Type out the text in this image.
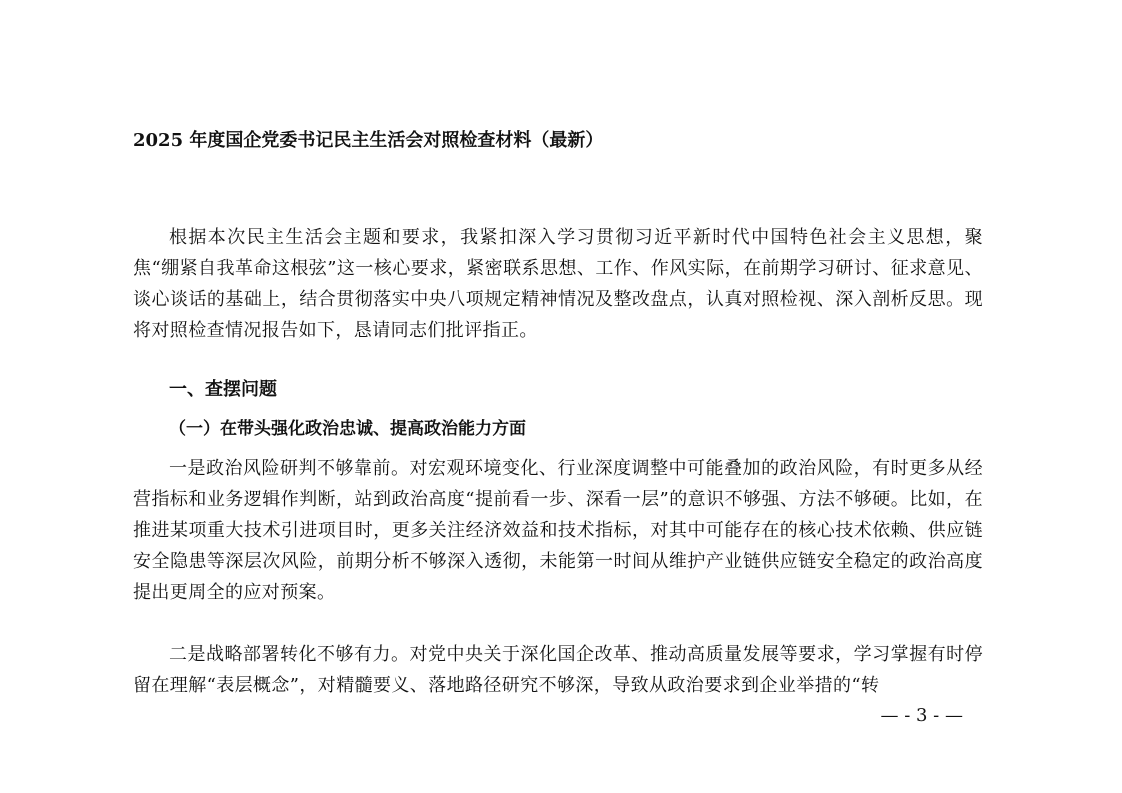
2025 年度国企党委书记民主生活会对照检查材料（最新）

根据本次民主生活会主题和要求，我紧扣深入学习贯彻习近平新时代中国特色社会主义思想，聚焦“绷紧自我革命这根弦”这一核心要求，紧密联系思想、工作、作风实际，在前期学习研讨、征求意见、谈心谈话的基础上，结合贯彻落实中央八项规定精神情况及整改盘点，认真对照检视、深入剖析反思。现将对照检查情况报告如下，恳请同志们批评指正。

一、查摆问题
（一）在带头强化政治忠诚、提高政治能力方面

一是政治风险研判不够靠前。对宏观环境变化、行业深度调整中可能叠加的政治风险，有时更多从经营指标和业务逻辑作判断，站到政治高度“提前看一步、深看一层”的意识不够强、方法不够硬。比如，在推进某项重大技术引进项目时，更多关注经济效益和技术指标，对其中可能存在的核心技术依赖、供应链安全隐患等深层次风险，前期分析不够深入透彻，未能第一时间从维护产业链供应链安全稳定的政治高度提出更周全的应对预案。

二是战略部署转化不够有力。对党中央关于深化国企改革、推动高质量发展等要求，学习掌握有时停留在理解“表层概念”，对精髓要义、落地路径研究不够深，导致从政治要求到企业举措的“转

— - 3 - —
